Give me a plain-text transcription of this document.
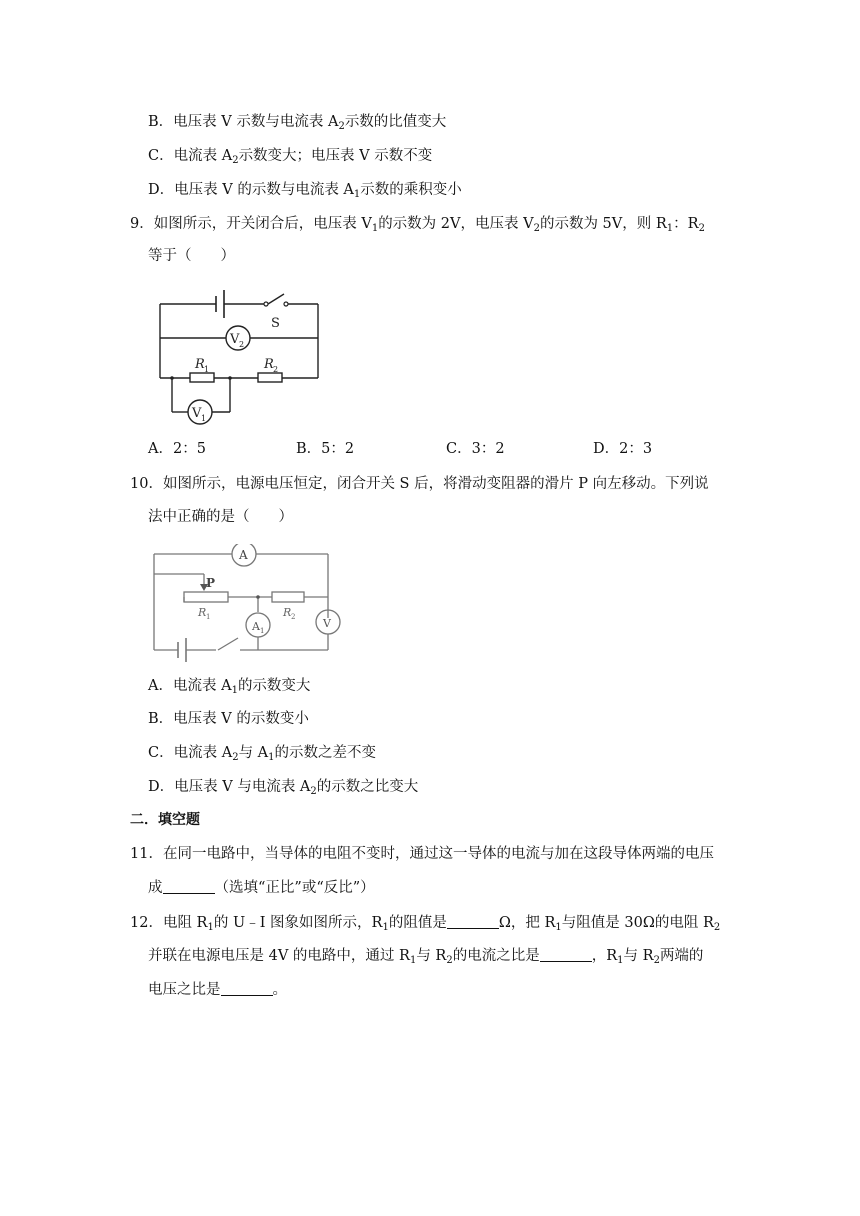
B．电压表 V 示数与电流表 $A_2$示数的比值变大
C．电流表 $A_2$示数变大；电压表 V 示数不变
D．电压表 V 的示数与电流表 $A_1$示数的乘积变小
9．如图所示，开关闭合后，电压表 $V_1$的示数为 2V，电压表 $V_2$的示数为 5V，则 $R_1$：$R_2$
等于（　　）
S
V 2
R 1	R 2
V 1
A．2：5	B．5：2	C．3：2	D．2：3
10．如图所示，电源电压恒定，闭合开关 S 后，将滑动变阻器的滑片 P 向左移动。下列说
法中正确的是（　　）
A
P
R 1	R 2
A 1
V
A．电流表 $A_1$的示数变大
B．电压表 V 的示数变小
C．电流表 $A_2$与 $A_1$的示数之差不变
D．电压表 V 与电流表 $A_2$的示数之比变大
二．填空题
11．在同一电路中，当导体的电阻不变时，通过这一导体的电流与加在这段导体两端的电压
成	（选填“正比”或“反比”）
12．电阻 $R_1$的 U﹣I 图象如图所示，$R_1$的阻值是	Ω，把 $R_1$与阻值是 30Ω的电阻 $R_2$
并联在电源电压是 4V 的电路中，通过 $R_1$与 $R_2$的电流之比是	，$R_1$与 $R_2$两端的
电压之比是	。
